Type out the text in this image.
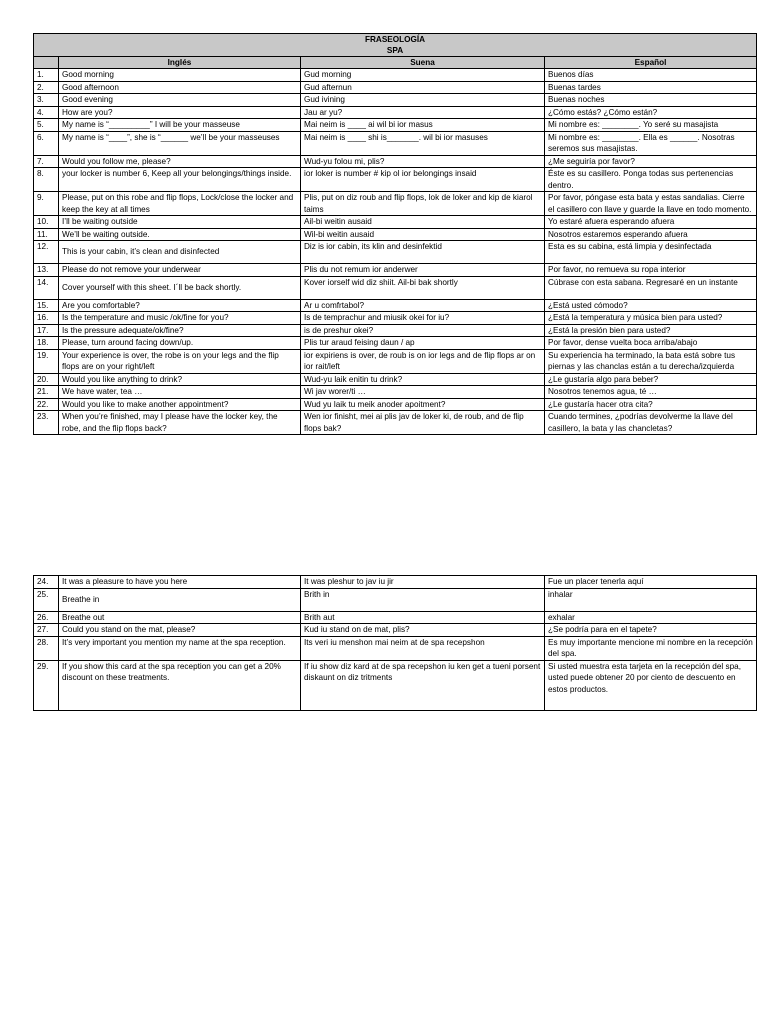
FRASEOLOGÍA
SPA			

	Inglés	Suena	Español
1.	Good morning	Gud morning	Buenos días
2.	Good afternoon	Gud afternun	Buenas tardes
3.	Good evening	Gud ivining	Buenas noches
4.	How are you?	Jau ar yu?	¿Cómo estás? ¿Cómo están?
5.	My name is “_________” I will be your masseuse	Mai neim is ____ ai wil bi ior masus	Mi nombre es: ________. Yo seré su masajista
6.	My name is “____”, she is “______ we’ll be your masseuses	Mai neim is ____ shi is_______. wil bi ior masuses	Mi nombre es: ________. Ella es ______. Nosotras seremos sus masajistas.
7.	Would you follow me, please?	Wud-yu folou mi, plis?	¿Me seguiría por favor?
8.	your locker is number 6, Keep all your belongings/things inside.	ior loker is number # kip ol ior belongings insaid	Éste es su casillero. Ponga todas sus pertenencias dentro.
9.	Please, put on this robe and flip flops, Lock/close the locker and keep the key at all times	Plis, put on diz roub and flip flops, lok de loker and kip de kiarol taims	Por favor, póngase esta bata y estas sandalias. Cierre el casillero con llave y guarde la llave en todo momento.
10.	I’ll be waiting outside	Ail-bi weitin ausaid	Yo estaré afuera esperando afuera
11.	We’ll be waiting outside.	Wil-bi weitin ausaid	Nosotros estaremos esperando afuera
12.	This is your cabin, it’s clean and disinfected	Diz is ior cabin, its klin and desinfektid	Esta es su cabina, está limpia y desinfectada
13.	Please do not remove your underwear	Plis du not remum ior anderwer	Por favor, no remueva su ropa interior
14.	Cover yourself with this sheet. I´ll be back shortly.	Kover iorself wid diz shiit. Ail-bi bak shortly	Cúbrase con esta sabana. Regresaré en un instante
15.	Are you comfortable?	Ar u comfrtabol?	¿Está usted cómodo?
16.	Is the temperature and music /ok/fine for you?	Is de temprachur and miusik okei for iu?	¿Está la temperatura y música bien para usted?
17.	Is the pressure adequate/ok/fine?	is de preshur okei?	¿Está la presión bien para usted?
18.	Please, turn around facing down/up.	Plis tur araud feising daun / ap	Por favor, dense vuelta boca arriba/abajo
19.	Your experience is over, the robe is on your legs and the flip flops are on your right/left	ior expiriens is over, de roub is on ior legs and de flip flops ar on ior rait/left	Su experiencia ha terminado, la bata está sobre tus piernas y las chanclas están a tu derecha/izquierda
20.	Would you like anything to drink?	Wud-yu laik enitin tu drink?	¿Le gustaría algo para beber?
21.	We have water, tea …	Wi jav worer/ti …	Nosotros tenemos agua, té …
22.	Would you like to make another appointment?	Wud yu laik tu meik anoder apoitment?	¿Le gustaría hacer otra cita?
23.	When you’re finished, may I please have the locker key, the robe, and the flip flops back?	Wen ior finisht, mei ai plis jav de loker ki, de roub, and de flip flops bak?	Cuando termines, ¿podrías devolverme la llave del casillero, la bata y las chancletas?
24.	It was a pleasure to have you here	It was pleshur to jav iu jir	Fue un placer tenerla aquí
25.	Breathe in	Brith in	inhalar
26.	Breathe out	Brith aut	exhalar
27.	Could you stand on the mat, please?	Kud iu stand on de mat, plis?	¿Se podría para en el tapete?
28.	It’s very important you mention my name at the spa reception.	Its veri iu menshon mai neim at de spa recepshon	Es muy importante mencione mi nombre en la recepción del spa.
29.	If you show this card at the spa reception you can get a 20% discount on these treatments.	If iu show diz kard at de spa recepshon iu ken get a tueni porsent diskaunt on diz tritments	Si usted muestra esta tarjeta en la recepción del spa, usted puede obtener 20 por ciento de descuento en estos productos.
